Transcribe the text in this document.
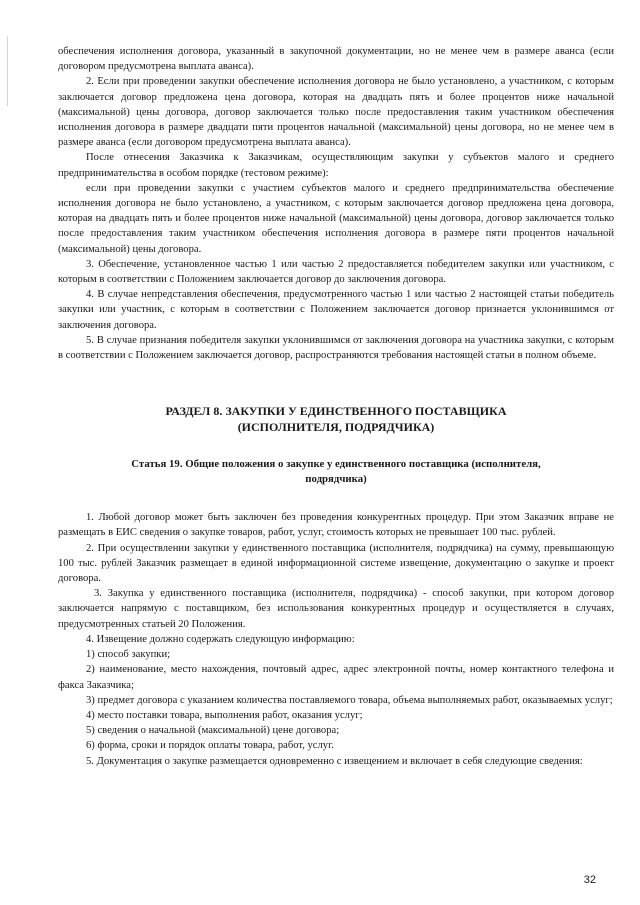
обеспечения исполнения договора, указанный в закупочной документации, но не менее чем в размере аванса (если договором предусмотрена выплата аванса).

2. Если при проведении закупки обеспечение исполнения договора не было установлено, а участником, с которым заключается договор предложена цена договора, которая на двадцать пять и более процентов ниже начальной (максимальной) цены договора, договор заключается только после предоставления таким участником обеспечения исполнения договора в размере двадцати пяти процентов начальной (максимальной) цены договора, но не менее чем в размере аванса (если договором предусмотрена выплата аванса).

После отнесения Заказчика к Заказчикам, осуществляющим закупки у субъектов малого и среднего предпринимательства в особом порядке (тестовом режиме):

если при проведении закупки с участием субъектов малого и среднего предпринимательства обеспечение исполнения договора не было установлено, а участником, с которым заключается договор предложена цена договора, которая на двадцать пять и более процентов ниже начальной (максимальной) цены договора, договор заключается только после предоставления таким участником обеспечения исполнения договора в размере пяти процентов начальной (максимальной) цены договора.

3. Обеспечение, установленное частью 1 или частью 2 предоставляется победителем закупки или участником, с которым в соответствии с Положением заключается договор до заключения договора.

4. В случае непредставления обеспечения, предусмотренного частью 1 или частью 2 настоящей статьи победитель закупки или участник, с которым в соответствии с Положением заключается договор признается уклонившимся от заключения договора.

5. В случае признания победителя закупки уклонившимся от заключения договора на участника закупки, с которым в соответствии с Положением заключается договор, распространяются требования настоящей статьи в полном объеме.

РАЗДЕЛ 8. ЗАКУПКИ У ЕДИНСТВЕННОГО ПОСТАВЩИКА
(ИСПОЛНИТЕЛЯ, ПОДРЯДЧИКА)

Статья 19. Общие положения о закупке у единственного поставщика (исполнителя,
подрядчика)

1. Любой договор может быть заключен без проведения конкурентных процедур. При этом Заказчик вправе не размещать в ЕИС сведения о закупке товаров, работ, услуг, стоимость которых не превышает 100 тыс. рублей.

2. При осуществлении закупки у единственного поставщика (исполнителя, подрядчика) на сумму, превышающую 100 тыс. рублей Заказчик размещает в единой информационной системе извещение, документацию о закупке и проект договора.

3. Закупка у единственного поставщика (исполнителя, подрядчика) - способ закупки, при котором договор заключается напрямую с поставщиком, без использования конкурентных процедур и осуществляется в случаях, предусмотренных статьей 20 Положения.

4. Извещение должно содержать следующую информацию:

1) способ закупки;

2) наименование, место нахождения, почтовый адрес, адрес электронной почты, номер контактного телефона и факса Заказчика;

3) предмет договора с указанием количества поставляемого товара, объема выполняемых работ, оказываемых услуг;

4) место поставки товара, выполнения работ, оказания услуг;

5) сведения о начальной (максимальной) цене договора;

6) форма, сроки и порядок оплаты товара, работ, услуг.

5. Документация о закупке размещается одновременно с извещением и включает в себя следующие сведения:

32
